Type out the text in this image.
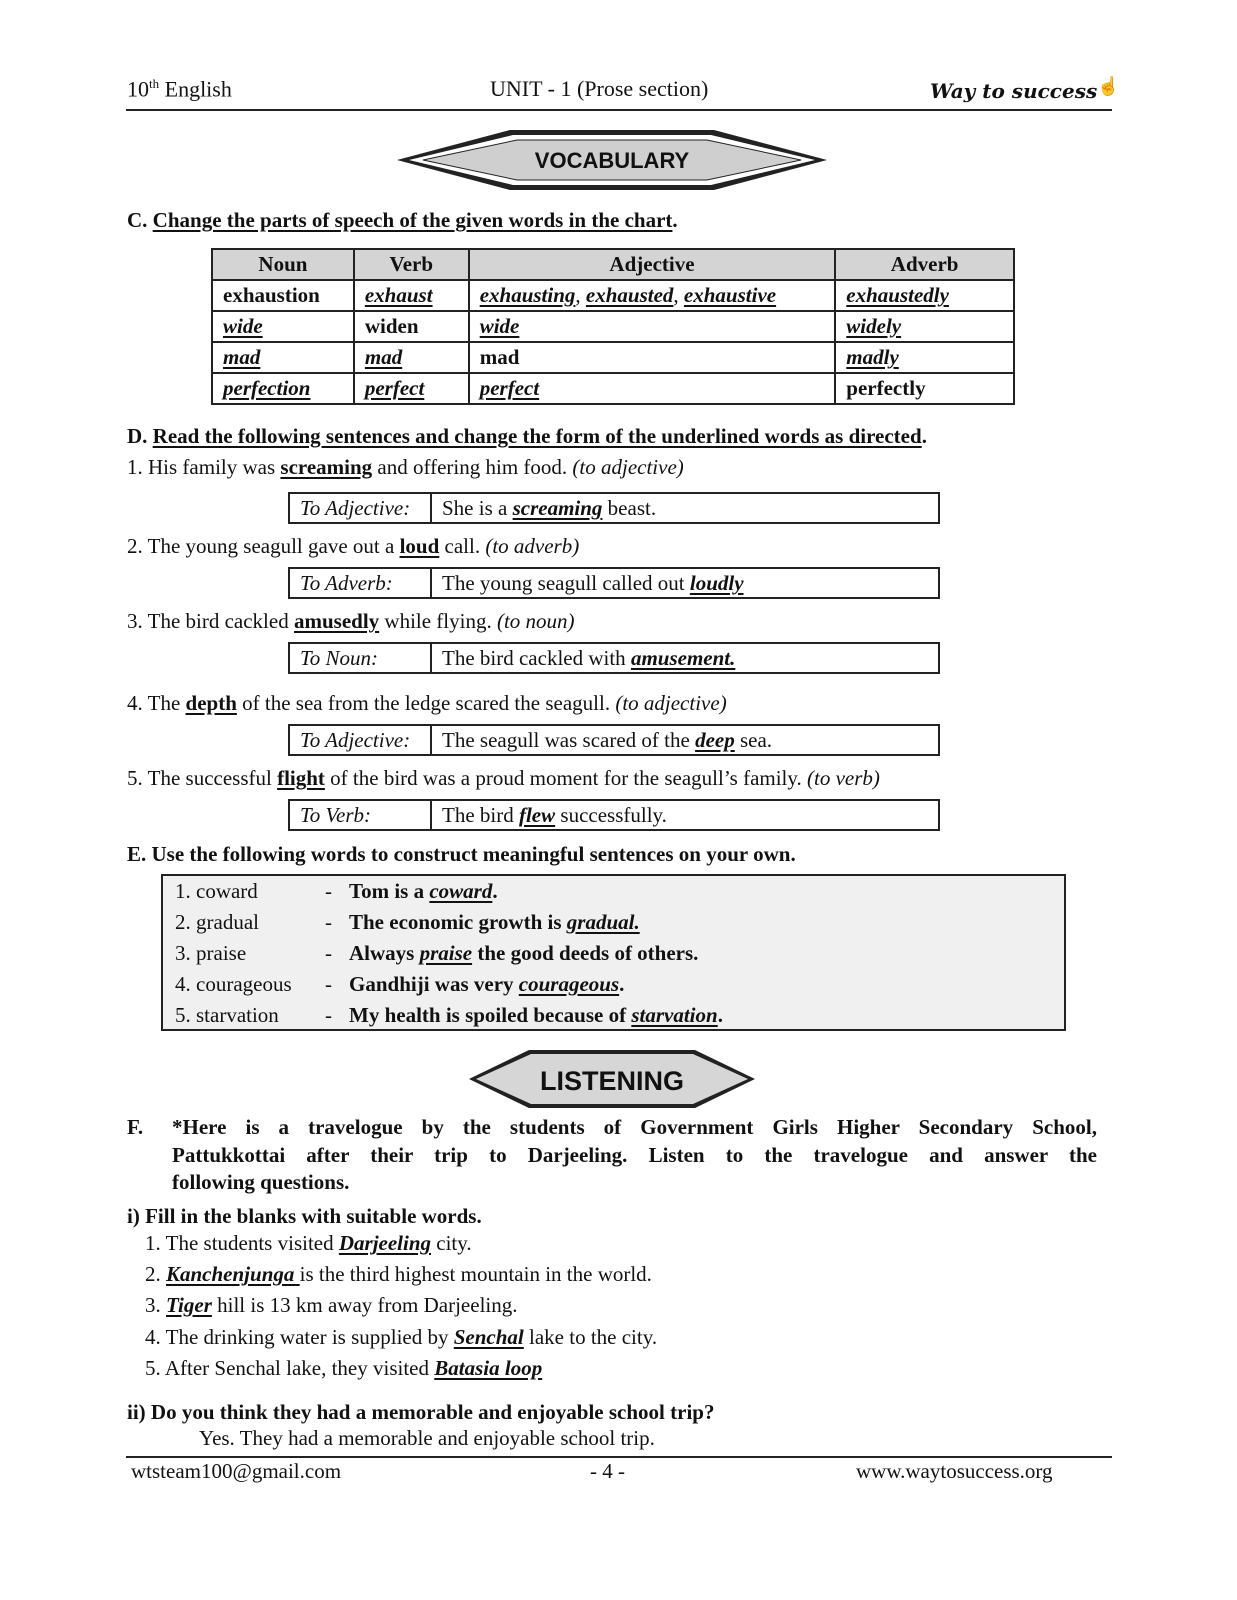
10th English	UNIT - 1 (Prose section)	Way to success☝
VOCABULARY
C. Change the parts of speech of the given words in the chart.
Noun	Verb	Adjective	Adverb
exhaustion	exhaust	exhausting, exhausted, exhaustive	exhaustedly
wide	widen	wide	widely
mad	mad	mad	madly
perfection	perfect	perfect	perfectly
D. Read the following sentences and change the form of the underlined words as directed.
1. His family was screaming and offering him food. (to adjective)
To Adjective:	She is a screaming beast.
2. The young seagull gave out a loud call. (to adverb)
To Adverb:	The young seagull called out loudly
3. The bird cackled amusedly while flying. (to noun)
To Noun:	The bird cackled with amusement.
4. The depth of the sea from the ledge scared the seagull. (to adjective)
To Adjective:	The seagull was scared of the deep sea.
5. The successful flight of the bird was a proud moment for the seagull’s family. (to verb)
To Verb:	The bird flew successfully.
E. Use the following words to construct meaningful sentences on your own.
1. coward	- Tom is a coward.
2. gradual	- The economic growth is gradual.
3. praise	- Always praise the good deeds of others.
4. courageous - Gandhiji was very courageous.
5. starvation - My health is spoiled because of starvation.
LISTENING
F. *Here is a travelogue by the students of Government Girls Higher Secondary School,
Pattukkottai after their trip to Darjeeling. Listen to the travelogue and answer the
following questions.
i) Fill in the blanks with suitable words.
1. The students visited Darjeeling city.
2. Kanchenjunga is the third highest mountain in the world.
3. Tiger hill is 13 km away from Darjeeling.
4. The drinking water is supplied by Senchal lake to the city.
5. After Senchal lake, they visited Batasia loop
ii) Do you think they had a memorable and enjoyable school trip?
Yes. They had a memorable and enjoyable school trip.
wtsteam100@gmail.com	- 4 -	www.waytosuccess.org
